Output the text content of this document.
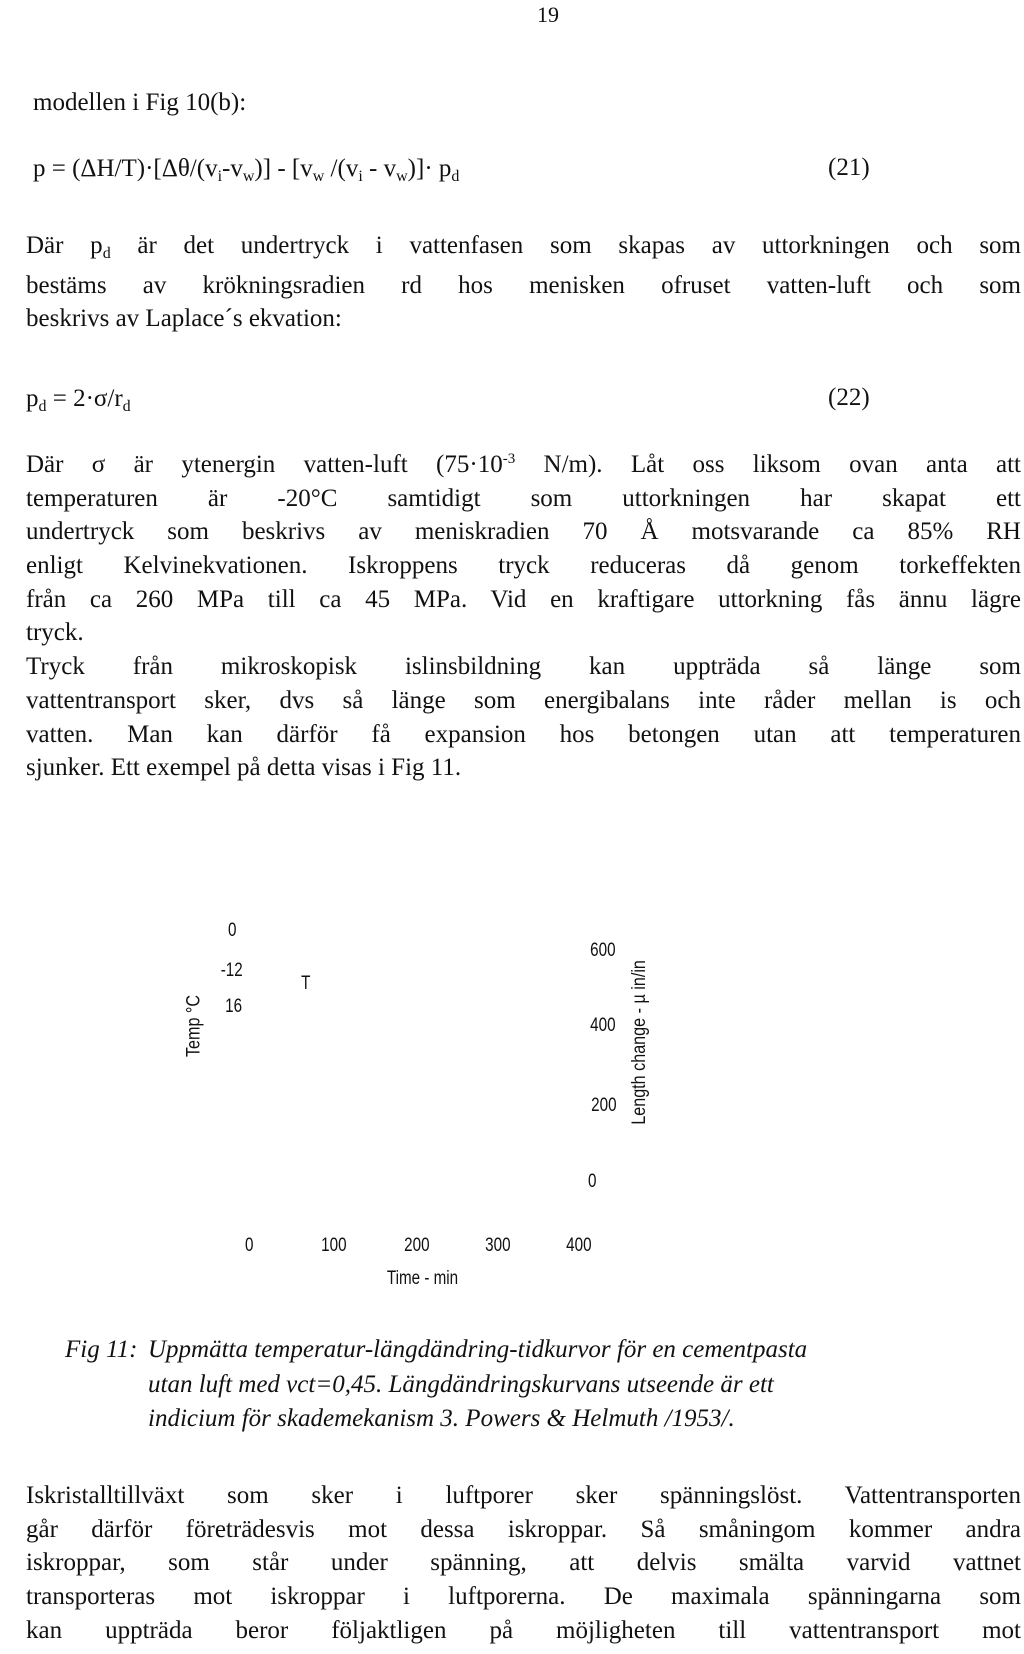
19
modellen i Fig 10(b):
$p = (\Delta H/T)\cdot[\Delta\theta/(v_i-v_w)] - [v_w$ $/(v_i - v_w)]\cdot p_d$	(21)
Där $p_d$ är det undertryck i vattenfasen som skapas av uttorkningen och som
bestäms av krökningsradien rd hos menisken ofruset vatten-luft och som
beskrivs av Laplace´s ekvation:
$p_d = 2\cdot\sigma/r_d$	(22)
Där σ är ytenergin vatten-luft ($75\cdot 10^{-3}$ N/m). Låt oss liksom ovan anta att
temperaturen är -20°C samtidigt som uttorkningen har skapat ett
undertryck som beskrivs av meniskradien 70 Å motsvarande ca 85% RH
enligt Kelvinekvationen. Iskroppens tryck reduceras då genom torkeffekten
från ca 260 MPa till ca 45 MPa. Vid en kraftigare uttorkning fås ännu lägre
tryck.
Tryck från mikroskopisk islinsbildning kan uppträda så länge som
vattentransport sker, dvs så länge som energibalans inte råder mellan is och
vatten. Man kan därför få expansion hos betongen utan att temperaturen
sjunker. Ett exempel på detta visas i Fig 11.
0
-12
16
T
Temp °C
600
400
200
0
Length change - µ in/in
0	100	200	300	400
Time - min
Fig 11: Uppmätta temperatur-längdändring-tidkurvor för en cementpasta
utan luft med vct=0,45. Längdändringskurvans utseende är ett
indicium för skademekanism 3. Powers & Helmuth /1953/.
Iskristalltillväxt som sker i luftporer sker spänningslöst. Vattentransporten
går därför företrädesvis mot dessa iskroppar. Så småningom kommer andra
iskroppar, som står under spänning, att delvis smälta varvid vattnet
transporteras mot iskroppar i luftporerna. De maximala spänningarna som
kan uppträda beror följaktligen på möjligheten till vattentransport mot
